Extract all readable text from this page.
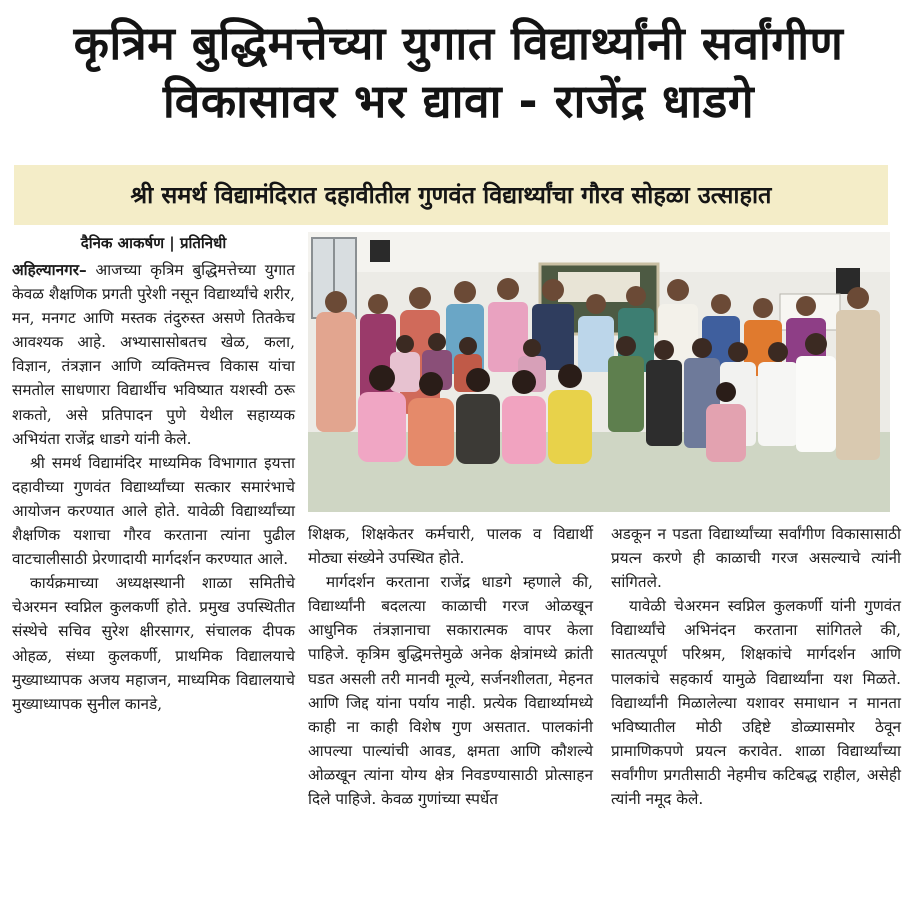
कृत्रिम बुद्धिमत्तेच्या युगात विद्यार्थ्यांनी सर्वांगीण
विकासावर भर द्यावा - राजेंद्र धाडगे
श्री समर्थ विद्यामंदिरात दहावीतील गुणवंत विद्यार्थ्यांचा गौरव सोहळा उत्साहात
दैनिक आकर्षण | प्रतिनिधी

अहिल्यानगर– आजच्या कृत्रिम बुद्धिमत्तेच्या युगात केवळ शैक्षणिक प्रगती पुरेशी नसून विद्यार्थ्यांचे शरीर, मन, मनगट आणि मस्तक तंदुरुस्त असणे तितकेच आवश्यक आहे. अभ्यासासोबतच खेळ, कला, विज्ञान, तंत्रज्ञान आणि व्यक्तिमत्त्व विकास यांचा समतोल साधणारा विद्यार्थीच भविष्यात यशस्वी ठरू शकतो, असे प्रतिपादन पुणे येथील सहाय्यक अभियंता राजेंद्र धाडगे यांनी केले.

श्री समर्थ विद्यामंदिर माध्यमिक विभागात इयत्ता दहावीच्या गुणवंत विद्यार्थ्यांच्या सत्कार समारंभाचे आयोजन करण्यात आले होते. यावेळी विद्यार्थ्यांच्या शैक्षणिक यशाचा गौरव करताना त्यांना पुढील वाटचालीसाठी प्रेरणादायी मार्गदर्शन करण्यात आले.

कार्यक्रमाच्या अध्यक्षस्थानी शाळा समितीचे चेअरमन स्वप्निल कुलकर्णी होते. प्रमुख उपस्थितीत संस्थेचे सचिव सुरेश क्षीरसागर, संचालक दीपक ओहळ, संध्या कुलकर्णी, प्राथमिक विद्यालयाचे मुख्याध्यापक अजय महाजन, माध्यमिक विद्यालयाचे मुख्याध्यापक सुनील कानडे,

शिक्षक, शिक्षकेतर कर्मचारी, पालक व विद्यार्थी मोठ्या संख्येने उपस्थित होते.

मार्गदर्शन करताना राजेंद्र धाडगे म्हणाले की, विद्यार्थ्यांनी बदलत्या काळाची गरज ओळखून आधुनिक तंत्रज्ञानाचा सकारात्मक वापर केला पाहिजे. कृत्रिम बुद्धिमत्तेमुळे अनेक क्षेत्रांमध्ये क्रांती घडत असली तरी मानवी मूल्ये, सर्जनशीलता, मेहनत आणि जिद्द यांना पर्याय नाही. प्रत्येक विद्यार्थ्यामध्ये काही ना काही विशेष गुण असतात. पालकांनी आपल्या पाल्यांची आवड, क्षमता आणि कौशल्ये ओळखून त्यांना योग्य क्षेत्र निवडण्यासाठी प्रोत्साहन दिले पाहिजे. केवळ गुणांच्या स्पर्धेत

अडकून न पडता विद्यार्थ्यांच्या सर्वांगीण विकासासाठी प्रयत्न करणे ही काळाची गरज असल्याचे त्यांनी सांगितले.

यावेळी चेअरमन स्वप्निल कुलकर्णी यांनी गुणवंत विद्यार्थ्यांचे अभिनंदन करताना सांगितले की, सातत्यपूर्ण परिश्रम, शिक्षकांचे मार्गदर्शन आणि पालकांचे सहकार्य यामुळे विद्यार्थ्यांना यश मिळते. विद्यार्थ्यांनी मिळालेल्या यशावर समाधान न मानता भविष्यातील मोठी उद्दिष्टे डोळ्यासमोर ठेवून प्रामाणिकपणे प्रयत्न करावेत. शाळा विद्यार्थ्यांच्या सर्वांगीण प्रगतीसाठी नेहमीच कटिबद्ध राहील, असेही त्यांनी नमूद केले.
